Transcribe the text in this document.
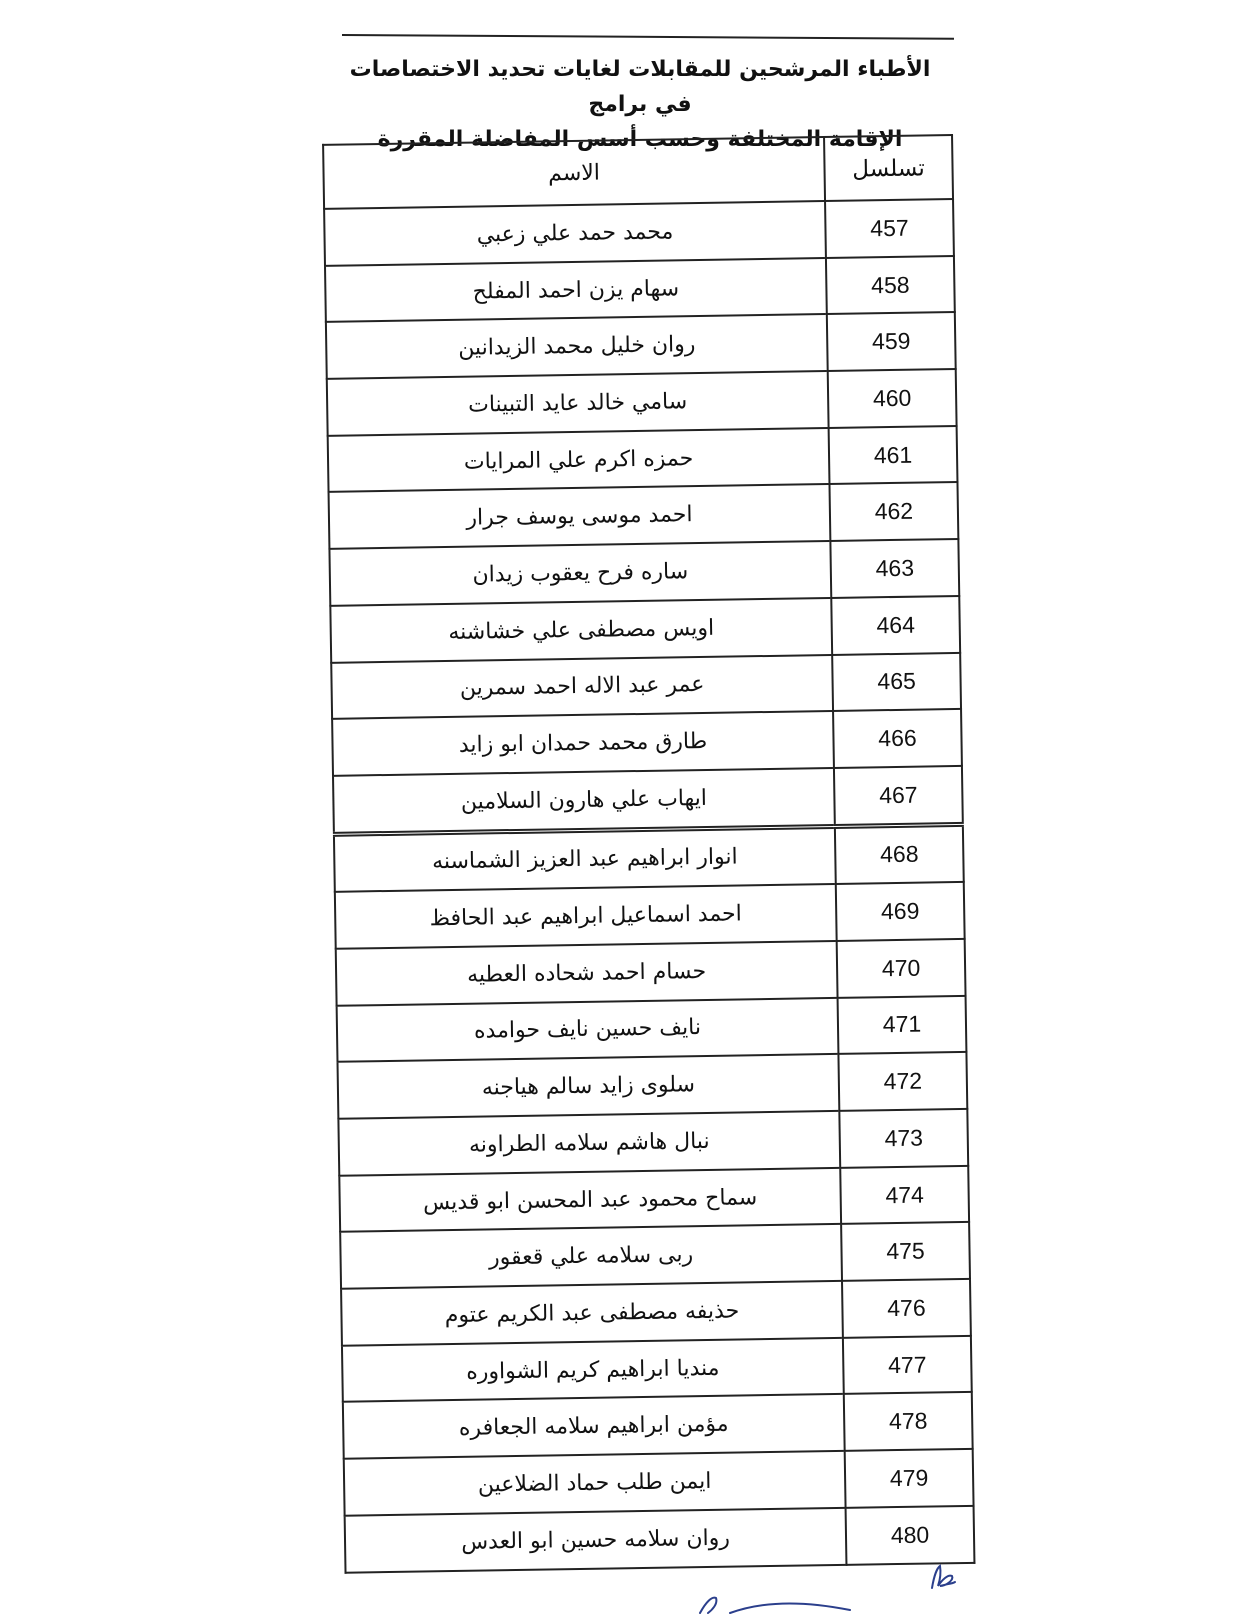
الأطباء المرشحين للمقابلات لغايات تحديد الاختصاصات في برامج
الإقامة المختلفة وحسب أسس المفاضلة المقررة
تسلسل	الاسم
457	محمد حمد علي زعبي
458	سهام يزن احمد المفلح
459	روان خليل محمد الزيدانين
460	سامي خالد عايد التبينات
461	حمزه اكرم علي المرايات
462	احمد موسى يوسف جرار
463	ساره فرح يعقوب زيدان
464	اويس مصطفى علي خشاشنه
465	عمر عبد الاله احمد سمرين
466	طارق محمد حمدان ابو زايد
467	ايهاب علي هارون السلامين
468	انوار ابراهيم عبد العزيز الشماسنه
469	احمد اسماعيل ابراهيم عبد الحافظ
470	حسام احمد شحاده العطيه
471	نايف حسين نايف حوامده
472	سلوى زايد سالم هياجنه
473	نبال هاشم سلامه الطراونه
474	سماح محمود عبد المحسن ابو قديس
475	ربى سلامه علي قعقور
476	حذيفه مصطفى عبد الكريم عتوم
477	منديا ابراهيم كريم الشواوره
478	مؤمن ابراهيم سلامه الجعافره
479	ايمن طلب حماد الضلاعين
480	روان سلامه حسين ابو العدس
